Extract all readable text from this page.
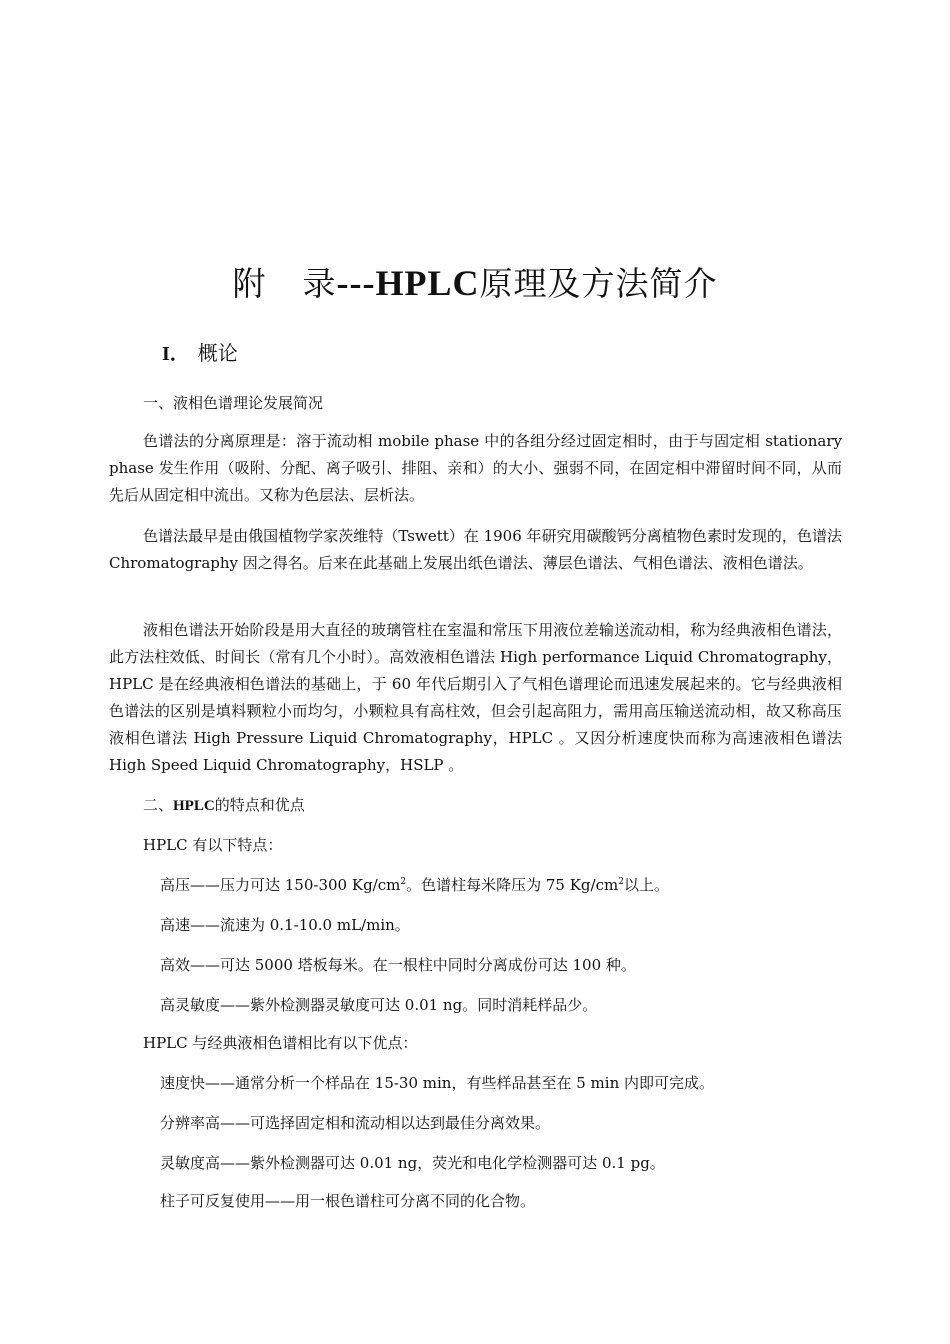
附 录---HPLC原理及方法简介
I． 概论
一、液相色谱理论发展简况
色谱法的分离原理是：溶于流动相 mobile phase 中的各组分经过固定相时，由于与固定相 stationary phase 发生作用（吸附、分配、离子吸引、排阻、亲和）的大小、强弱不同，在固定相中滞留时间不同，从而先后从固定相中流出。又称为色层法、层析法。
色谱法最早是由俄国植物学家茨维特（Tswett）在 1906 年研究用碳酸钙分离植物色素时发现的，色谱法 Chromatography 因之得名。后来在此基础上发展出纸色谱法、薄层色谱法、气相色谱法、液相色谱法。
液相色谱法开始阶段是用大直径的玻璃管柱在室温和常压下用液位差输送流动相，称为经典液相色谱法，此方法柱效低、时间长（常有几个小时）。高效液相色谱法 High performance Liquid Chromatography，HPLC 是在经典液相色谱法的基础上，于 60 年代后期引入了气相色谱理论而迅速发展起来的。它与经典液相色谱法的区别是填料颗粒小而均匀，小颗粒具有高柱效，但会引起高阻力，需用高压输送流动相，故又称高压液相色谱法 High Pressure Liquid Chromatography，HPLC 。又因分析速度快而称为高速液相色谱法 High Speed Liquid Chromatography，HSLP 。
二、HPLC的特点和优点
HPLC 有以下特点：
高压——压力可达 150-300 $Kg/cm^2$。色谱柱每米降压为 75 $Kg/cm^2$以上。
高速——流速为 0.1-10.0 mL/min。
高效——可达 5000 塔板每米。在一根柱中同时分离成份可达 100 种。
高灵敏度——紫外检测器灵敏度可达 0.01 ng。同时消耗样品少。
HPLC 与经典液相色谱相比有以下优点：
速度快——通常分析一个样品在 15-30 min，有些样品甚至在 5 min 内即可完成。
分辨率高——可选择固定相和流动相以达到最佳分离效果。
灵敏度高——紫外检测器可达 0.01 ng，荧光和电化学检测器可达 0.1 pg。
柱子可反复使用——用一根色谱柱可分离不同的化合物。
